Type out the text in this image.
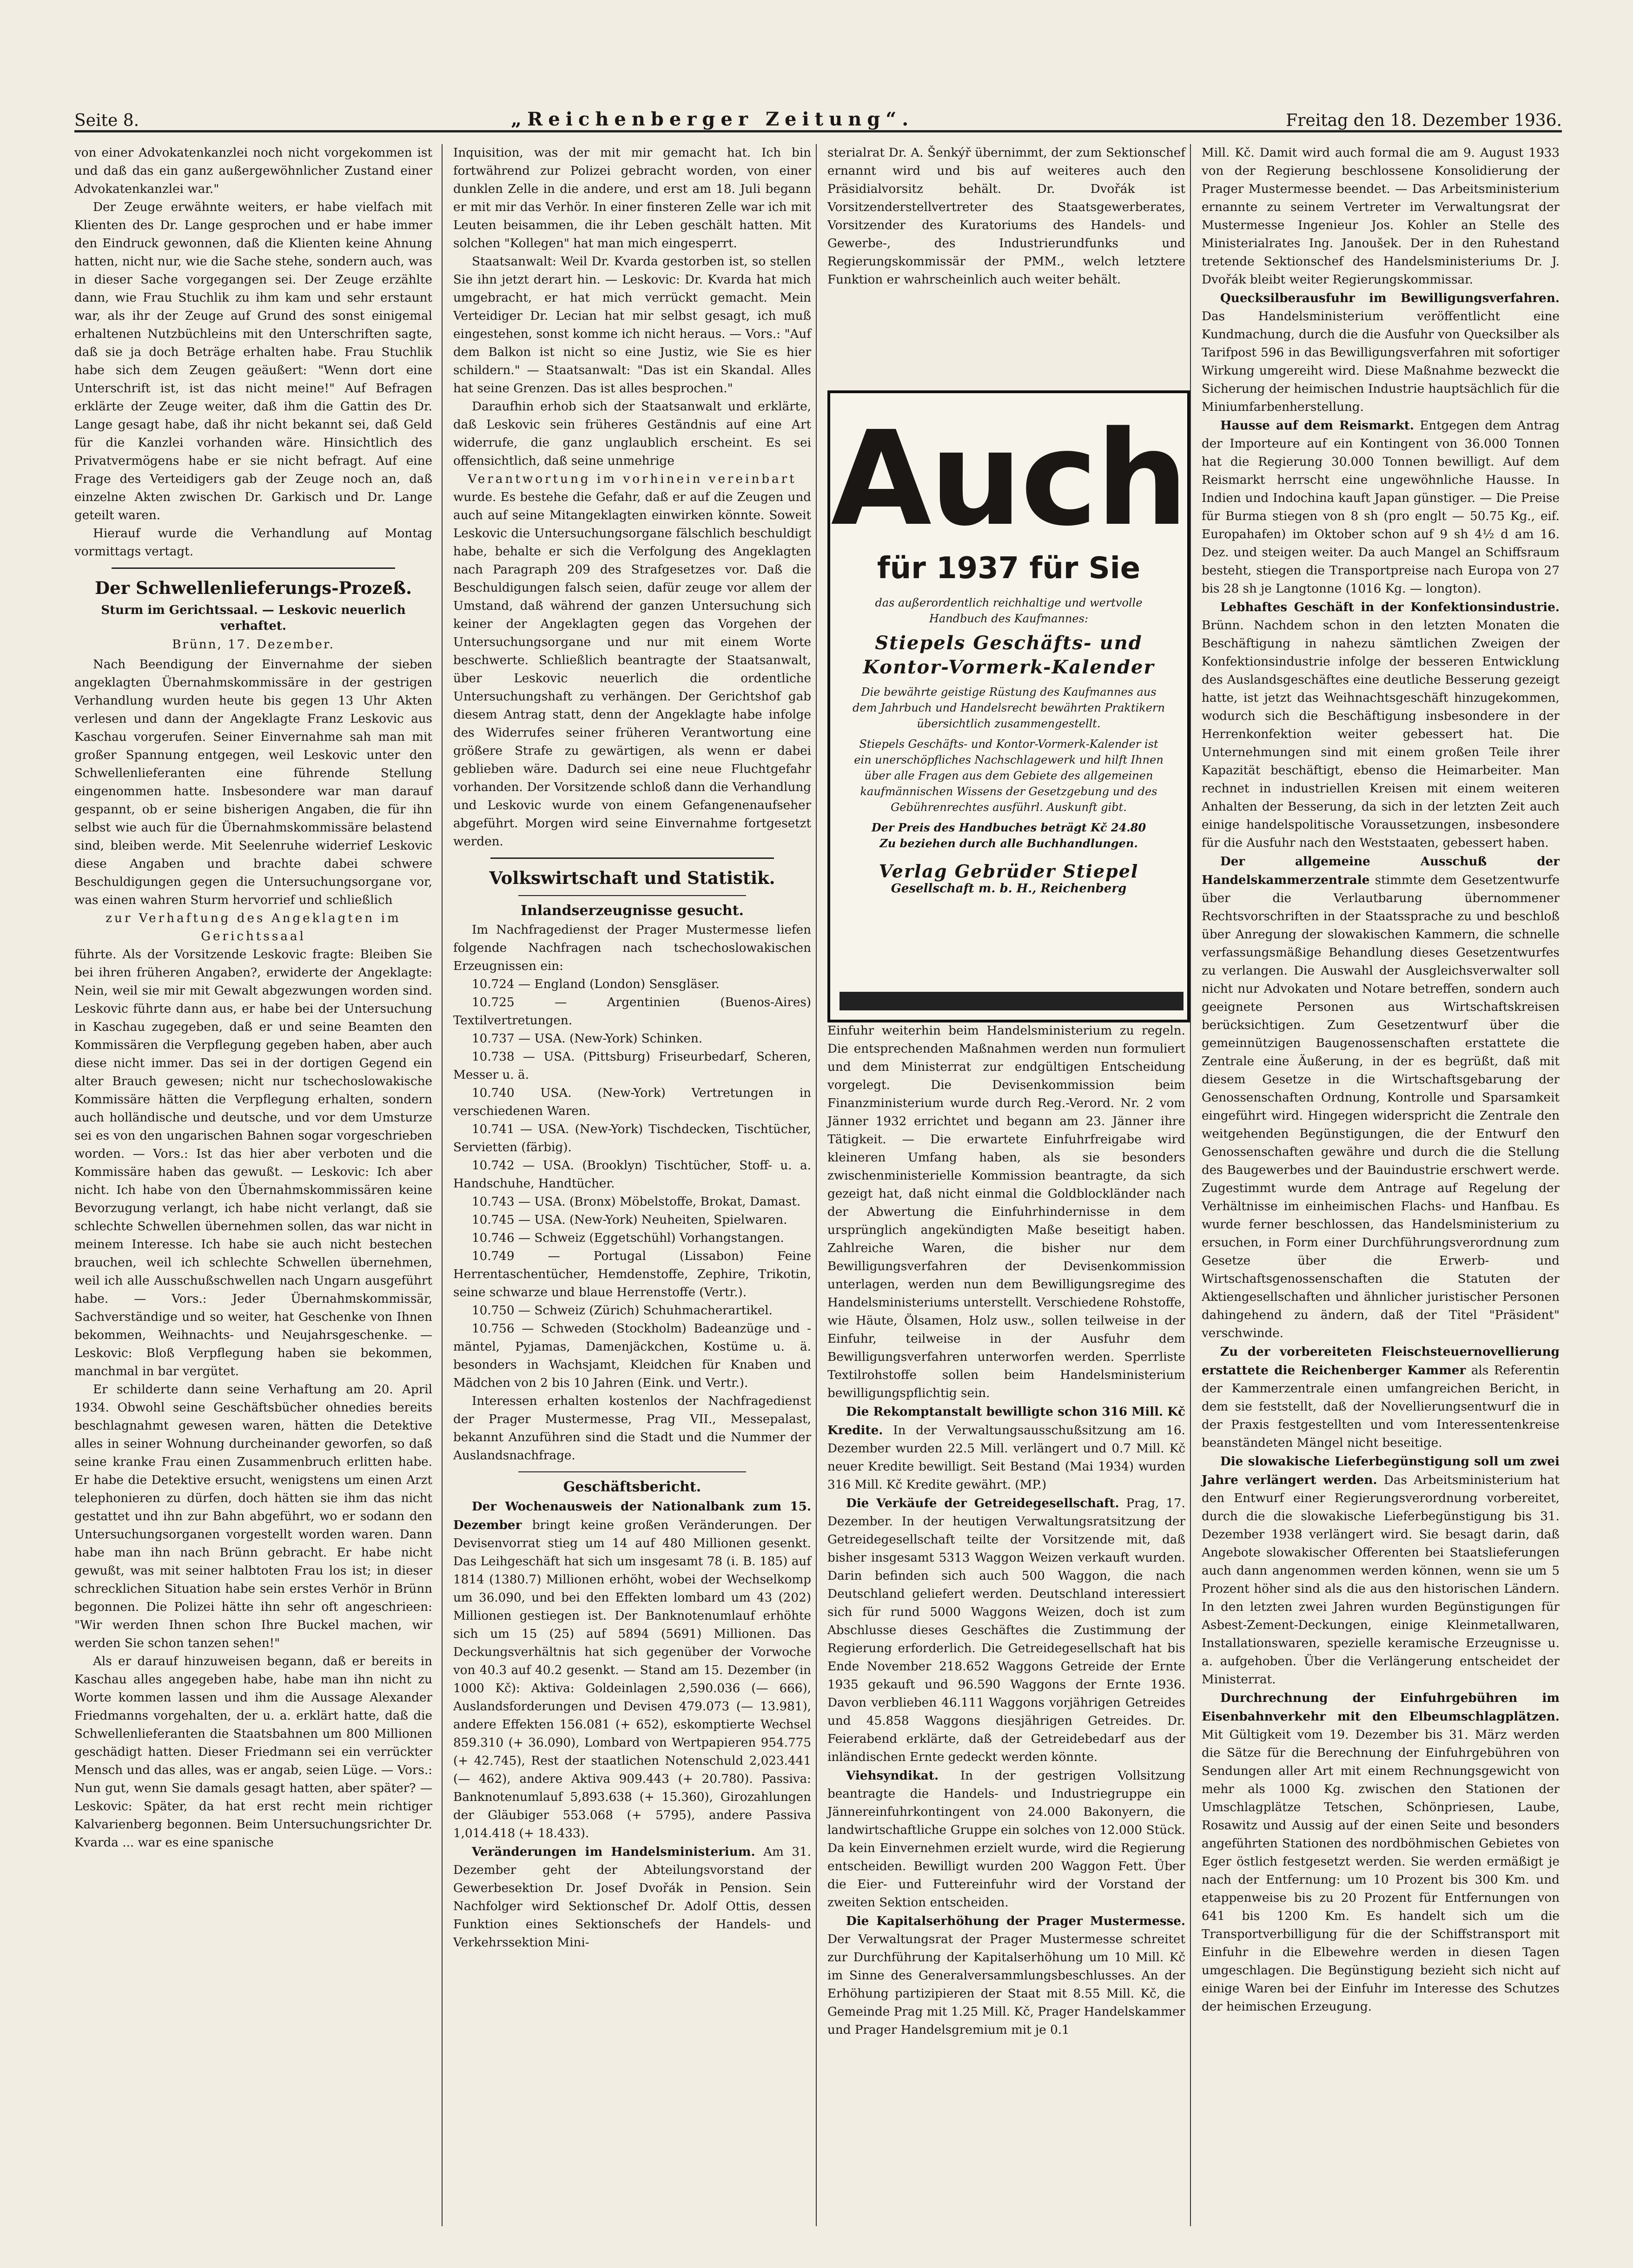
Seite 8.	„Reichenberger Zeitung“.	Freitag den 18. Dezember 1936.

von einer Advokatenkanzlei noch nicht vorgekommen ist und daß das ein ganz außergewöhnlicher Zustand einer Advokatenkanzlei war."

Der Zeuge erwähnte weiters, er habe vielfach mit Klienten des Dr. Lange gesprochen und er habe immer den Eindruck gewonnen, daß die Klienten keine Ahnung hatten, nicht nur, wie die Sache stehe, sondern auch, was in dieser Sache vorgegangen sei. Der Zeuge erzählte dann, wie Frau Stuchlik zu ihm kam und sehr erstaunt war, als ihr der Zeuge auf Grund des sonst einigemal erhaltenen Nutzbüchleins mit den Unterschriften sagte, daß sie ja doch Beträge erhalten habe. Frau Stuchlik habe sich dem Zeugen geäußert: "Wenn dort eine Unterschrift ist, ist das nicht meine!" Auf Befragen erklärte der Zeuge weiter, daß ihm die Gattin des Dr. Lange gesagt habe, daß ihr nicht bekannt sei, daß Geld für die Kanzlei vorhanden wäre. Hinsichtlich des Privatvermögens habe er sie nicht befragt. Auf eine Frage des Verteidigers gab der Zeuge noch an, daß einzelne Akten zwischen Dr. Garkisch und Dr. Lange geteilt waren.

Hierauf wurde die Verhandlung auf Montag vormittags vertagt.

Der Schwellenlieferungs-Prozeß.
Sturm im Gerichtssaal. — Leskovic neuerlich verhaftet.
Brünn, 17. Dezember.

Nach Beendigung der Einvernahme der sieben angeklagten Übernahmskommissäre in der gestrigen Verhandlung wurden heute bis gegen 13 Uhr Akten verlesen und dann der Angeklagte Franz Leskovic aus Kaschau vorgerufen. Seiner Einvernahme sah man mit großer Spannung entgegen, weil Leskovic unter den Schwellenlieferanten eine führende Stellung eingenommen hatte. Insbesondere war man darauf gespannt, ob er seine bisherigen Angaben, die für ihn selbst wie auch für die Übernahmskommissäre belastend sind, bleiben werde. Mit Seelenruhe widerrief Leskovic diese Angaben und brachte dabei schwere Beschuldigungen gegen die Untersuchungsorgane vor, was einen wahren Sturm hervorrief und schließlich

zur Verhaftung des Angeklagten im Gerichtssaal

führte. Als der Vorsitzende Leskovic fragte: Bleiben Sie bei ihren früheren Angaben?, erwiderte der Angeklagte: Nein, weil sie mir mit Gewalt abgezwungen worden sind. Leskovic führte dann aus, er habe bei der Untersuchung in Kaschau zugegeben, daß er und seine Beamten den Kommissären die Verpflegung gegeben haben, aber auch diese nicht immer. Das sei in der dortigen Gegend ein alter Brauch gewesen; nicht nur tschechoslowakische Kommissäre hätten die Verpflegung erhalten, sondern auch holländische und deutsche, und vor dem Umsturze sei es von den ungarischen Bahnen sogar vorgeschrieben worden. — Vors.: Ist das hier aber verboten und die Kommissäre haben das gewußt. — Leskovic: Ich aber nicht. Ich habe von den Übernahmskommissären keine Bevorzugung verlangt, ich habe nicht verlangt, daß sie schlechte Schwellen übernehmen sollen, das war nicht in meinem Interesse. Ich habe sie auch nicht bestechen brauchen, weil ich schlechte Schwellen übernehmen, weil ich alle Ausschußschwellen nach Ungarn ausgeführt habe. — Vors.: Jeder Übernahmskommissär, Sachverständige und so weiter, hat Geschenke von Ihnen bekommen, Weihnachts- und Neujahrsgeschenke. — Leskovic: Bloß Verpflegung haben sie bekommen, manchmal in bar vergütet.

Er schilderte dann seine Verhaftung am 20. April 1934. Obwohl seine Geschäftsbücher ohnedies bereits beschlagnahmt gewesen waren, hätten die Detektive alles in seiner Wohnung durcheinander geworfen, so daß seine kranke Frau einen Zusammenbruch erlitten habe. Er habe die Detektive ersucht, wenigstens um einen Arzt telephonieren zu dürfen, doch hätten sie ihm das nicht gestattet und ihn zur Bahn abgeführt, wo er sodann den Untersuchungsorganen vorgestellt worden waren. Dann habe man ihn nach Brünn gebracht. Er habe nicht gewußt, was mit seiner halbtoten Frau los ist; in dieser schrecklichen Situation habe sein erstes Verhör in Brünn begonnen. Die Polizei hätte ihn sehr oft angeschrieen: "Wir werden Ihnen schon Ihre Buckel machen, wir werden Sie schon tanzen sehen!"

Als er darauf hinzuweisen begann, daß er bereits in Kaschau alles angegeben habe, habe man ihn nicht zu Worte kommen lassen und ihm die Aussage Alexander Friedmanns vorgehalten, der u. a. erklärt hatte, daß die Schwellenlieferanten die Staatsbahnen um 800 Millionen geschädigt hatten. Dieser Friedmann sei ein verrückter Mensch und das alles, was er angab, seien Lüge. — Vors.: Nun gut, wenn Sie damals gesagt hatten, aber später? — Leskovic: Später, da hat erst recht mein richtiger Kalvarienberg begonnen. Beim Untersuchungsrichter Dr. Kvarda ... war es eine spanische

Inquisition, was der mit mir gemacht hat. Ich bin fortwährend zur Polizei gebracht worden, von einer dunklen Zelle in die andere, und erst am 18. Juli begann er mit mir das Verhör. In einer finsteren Zelle war ich mit Leuten beisammen, die ihr Leben geschält hatten. Mit solchen "Kollegen" hat man mich eingesperrt.

Staatsanwalt: Weil Dr. Kvarda gestorben ist, so stellen Sie ihn jetzt derart hin. — Leskovic: Dr. Kvarda hat mich umgebracht, er hat mich verrückt gemacht. Mein Verteidiger Dr. Lecian hat mir selbst gesagt, ich muß eingestehen, sonst komme ich nicht heraus. — Vors.: "Auf dem Balkon ist nicht so eine Justiz, wie Sie es hier schildern." — Staatsanwalt: "Das ist ein Skandal. Alles hat seine Grenzen. Das ist alles besprochen."

Daraufhin erhob sich der Staatsanwalt und erklärte, daß Leskovic sein früheres Geständnis auf eine Art widerrufe, die ganz unglaublich erscheint. Es sei offensichtlich, daß seine unmehrige

Verantwortung im vorhinein vereinbart

wurde. Es bestehe die Gefahr, daß er auf die Zeugen und auch auf seine Mitangeklagten einwirken könnte. Soweit Leskovic die Untersuchungsorgane fälschlich beschuldigt habe, behalte er sich die Verfolgung des Angeklagten nach Paragraph 209 des Strafgesetzes vor. Daß die Beschuldigungen falsch seien, dafür zeuge vor allem der Umstand, daß während der ganzen Untersuchung sich keiner der Angeklagten gegen das Vorgehen der Untersuchungsorgane und nur mit einem Worte beschwerte. Schließlich beantragte der Staatsanwalt, über Leskovic neuerlich die ordentliche Untersuchungshaft zu verhängen. Der Gerichtshof gab diesem Antrag statt, denn der Angeklagte habe infolge des Widerrufes seiner früheren Verantwortung eine größere Strafe zu gewärtigen, als wenn er dabei geblieben wäre. Dadurch sei eine neue Fluchtgefahr vorhanden. Der Vorsitzende schloß dann die Verhandlung und Leskovic wurde von einem Gefangenenaufseher abgeführt. Morgen wird seine Einvernahme fortgesetzt werden.

Volkswirtschaft und Statistik.
Inlandserzeugnisse gesucht.

Im Nachfragedienst der Prager Mustermesse liefen folgende Nachfragen nach tschechoslowakischen Erzeugnissen ein:

10.724 — England (London) Sensgläser.

10.725 — Argentinien (Buenos-Aires) Textilvertretungen.

10.737 — USA. (New-York) Schinken.

10.738 — USA. (Pittsburg) Friseurbedarf, Scheren, Messer u. ä.

10.740 USA. (New-York) Vertretungen in verschiedenen Waren.

10.741 — USA. (New-York) Tischdecken, Tischtücher, Servietten (färbig).

10.742 — USA. (Brooklyn) Tischtücher, Stoff- u. a. Handschuhe, Handtücher.

10.743 — USA. (Bronx) Möbelstoffe, Brokat, Damast.

10.745 — USA. (New-York) Neuheiten, Spielwaren.

10.746 — Schweiz (Eggetschühl) Vorhangstangen.

10.749 — Portugal (Lissabon) Feine Herrentaschentücher, Hemdenstoffe, Zephire, Trikotin, seine schwarze und blaue Herrenstoffe (Vertr.).

10.750 — Schweiz (Zürich) Schuhmacherartikel.

10.756 — Schweden (Stockholm) Badeanzüge und -mäntel, Pyjamas, Damenjäckchen, Kostüme u. ä. besonders in Wachsjamt, Kleidchen für Knaben und Mädchen von 2 bis 10 Jahren (Eink. und Vertr.).

Interessen erhalten kostenlos der Nachfragedienst der Prager Mustermesse, Prag VII., Messepalast, bekannt Anzuführen sind die Stadt und die Nummer der Auslandsnachfrage.

Geschäftsbericht.

Der Wochenausweis der Nationalbank zum 15. Dezember bringt keine großen Veränderungen. Der Devisenvorrat stieg um 14 auf 480 Millionen gesenkt. Das Leihgeschäft hat sich um insgesamt 78 (i. B. 185) auf 1814 (1380.7) Millionen erhöht, wobei der Wechselkomp um 36.090, und bei den Effekten lombard um 43 (202) Millionen gestiegen ist. Der Banknotenumlauf erhöhte sich um 15 (25) auf 5894 (5691) Millionen. Das Deckungsverhältnis hat sich gegenüber der Vorwoche von 40.3 auf 40.2 gesenkt. — Stand am 15. Dezember (in 1000 Kč): Aktiva: Goldeinlagen 2,590.036 (— 666), Auslandsforderungen und Devisen 479.073 (— 13.981), andere Effekten 156.081 (+ 652), eskomptierte Wechsel 859.310 (+ 36.090), Lombard von Wertpapieren 954.775 (+ 42.745), Rest der staatlichen Notenschuld 2,023.441 (— 462), andere Aktiva 909.443 (+ 20.780). Passiva: Banknotenumlauf 5,893.638 (+ 15.360), Girozahlungen der Gläubiger 553.068 (+ 5795), andere Passiva 1,014.418 (+ 18.433).

Veränderungen im Handelsministerium. Am 31. Dezember geht der Abteilungsvorstand der Gewerbesektion Dr. Josef Dvořák in Pension. Sein Nachfolger wird Sektionschef Dr. Adolf Ottis, dessen Funktion eines Sektionschefs der Handels- und Verkehrssektion Mini-

sterialrat Dr. A. Šenkýř übernimmt, der zum Sektionschef ernannt wird und bis auf weiteres auch den Präsidialvorsitz behält. Dr. Dvořák ist Vorsitzenderstellvertreter des Staatsgewerberates, Vorsitzender des Kuratoriums des Handels- und Gewerbe-, des Industrierundfunks und Regierungskommissär der PMM., welch letztere Funktion er wahrscheinlich auch weiter behält.

Einfuhr weiterhin beim Handelsministerium zu regeln. Die entsprechenden Maßnahmen werden nun formuliert und dem Ministerrat zur endgültigen Entscheidung vorgelegt. Die Devisenkommission beim Finanzministerium wurde durch Reg.-Verord. Nr. 2 vom Jänner 1932 errichtet und begann am 23. Jänner ihre Tätigkeit. — Die erwartete Einfuhrfreigabe wird kleineren Umfang haben, als sie besonders zwischenministerielle Kommission beantragte, da sich gezeigt hat, daß nicht einmal die Goldblockländer nach der Abwertung die Einfuhrhindernisse in dem ursprünglich angekündigten Maße beseitigt haben. Zahlreiche Waren, die bisher nur dem Bewilligungsverfahren der Devisenkommission unterlagen, werden nun dem Bewilligungsregime des Handelsministeriums unterstellt. Verschiedene Rohstoffe, wie Häute, Ölsamen, Holz usw., sollen teilweise in der Einfuhr, teilweise in der Ausfuhr dem Bewilligungsverfahren unterworfen werden. Sperrliste Textilrohstoffe sollen beim Handelsministerium bewilligungspflichtig sein.

Die Rekomptanstalt bewilligte schon 316 Mill. Kč Kredite. In der Verwaltungsausschußsitzung am 16. Dezember wurden 22.5 Mill. verlängert und 0.7 Mill. Kč neuer Kredite bewilligt. Seit Bestand (Mai 1934) wurden 316 Mill. Kč Kredite gewährt. (MP.)

Die Verkäufe der Getreidegesellschaft. Prag, 17. Dezember. In der heutigen Verwaltungsratsitzung der Getreidegesellschaft teilte der Vorsitzende mit, daß bisher insgesamt 5313 Waggon Weizen verkauft wurden. Darin befinden sich auch 500 Waggon, die nach Deutschland geliefert werden. Deutschland interessiert sich für rund 5000 Waggons Weizen, doch ist zum Abschlusse dieses Geschäftes die Zustimmung der Regierung erforderlich. Die Getreidegesellschaft hat bis Ende November 218.652 Waggons Getreide der Ernte 1935 gekauft und 96.590 Waggons der Ernte 1936. Davon verblieben 46.111 Waggons vorjährigen Getreides und 45.858 Waggons diesjährigen Getreides. Dr. Feierabend erklärte, daß der Getreidebedarf aus der inländischen Ernte gedeckt werden könnte.

Viehsyndikat. In der gestrigen Vollsitzung beantragte die Handels- und Industriegruppe ein Jännereinfuhrkontingent von 24.000 Bakonyern, die landwirtschaftliche Gruppe ein solches von 12.000 Stück. Da kein Einvernehmen erzielt wurde, wird die Regierung entscheiden. Bewilligt wurden 200 Waggon Fett. Über die Eier- und Futtereinfuhr wird der Vorstand der zweiten Sektion entscheiden.

Die Kapitalserhöhung der Prager Mustermesse. Der Verwaltungsrat der Prager Mustermesse schreitet zur Durchführung der Kapitalserhöhung um 10 Mill. Kč im Sinne des Generalversammlungsbeschlusses. An der Erhöhung partizipieren der Staat mit 8.55 Mill. Kč, die Gemeinde Prag mit 1.25 Mill. Kč, Prager Handelskammer und Prager Handelsgremium mit je 0.1

Auch
für 1937 für Sie
das außerordentlich reichhaltige und wertvolle Handbuch des Kaufmannes:
Stiepels Geschäfts- und Kontor-Vormerk-Kalender
Die bewährte geistige Rüstung des Kaufmannes aus dem Jahrbuch und Handelsrecht bewährten Praktikern übersichtlich zusammengestellt.
Stiepels Geschäfts- und Kontor-Vormerk-Kalender ist ein unerschöpfliches Nachschlagewerk und hilft Ihnen über alle Fragen aus dem Gebiete des allgemeinen kaufmännischen Wissens der Gesetzgebung und des Gebührenrechtes ausführl. Auskunft gibt.
Der Preis des Handbuches beträgt Kč 24.80
Zu beziehen durch alle Buchhandlungen.
Verlag Gebrüder Stiepel
Gesellschaft m. b. H., Reichenberg

Mill. Kč. Damit wird auch formal die am 9. August 1933 von der Regierung beschlossene Konsolidierung der Prager Mustermesse beendet. — Das Arbeitsministerium ernannte zu seinem Vertreter im Verwaltungsrat der Mustermesse Ingenieur Jos. Kohler an Stelle des Ministerialrates Ing. Janoušek. Der in den Ruhestand tretende Sektionschef des Handelsministeriums Dr. J. Dvořák bleibt weiter Regierungskommissar.

Quecksilberausfuhr im Bewilligungsverfahren. Das Handelsministerium veröffentlicht eine Kundmachung, durch die die Ausfuhr von Quecksilber als Tarifpost 596 in das Bewilligungsverfahren mit sofortiger Wirkung umgereiht wird. Diese Maßnahme bezweckt die Sicherung der heimischen Industrie hauptsächlich für die Miniumfarbenherstellung.

Hausse auf dem Reismarkt. Entgegen dem Antrag der Importeure auf ein Kontingent von 36.000 Tonnen hat die Regierung 30.000 Tonnen bewilligt. Auf dem Reismarkt herrscht eine ungewöhnliche Hausse. In Indien und Indochina kauft Japan günstiger. — Die Preise für Burma stiegen von 8 sh (pro englt — 50.75 Kg., eif. Europahafen) im Oktober schon auf 9 sh 4½ d am 16. Dez. und steigen weiter. Da auch Mangel an Schiffsraum besteht, stiegen die Transportpreise nach Europa von 27 bis 28 sh je Langtonne (1016 Kg. — longton).

Lebhaftes Geschäft in der Konfektionsindustrie. Brünn. Nachdem schon in den letzten Monaten die Beschäftigung in nahezu sämtlichen Zweigen der Konfektionsindustrie infolge der besseren Entwicklung des Auslandsgeschäftes eine deutliche Besserung gezeigt hatte, ist jetzt das Weihnachtsgeschäft hinzugekommen, wodurch sich die Beschäftigung insbesondere in der Herrenkonfektion weiter gebessert hat. Die Unternehmungen sind mit einem großen Teile ihrer Kapazität beschäftigt, ebenso die Heimarbeiter. Man rechnet in industriellen Kreisen mit einem weiteren Anhalten der Besserung, da sich in der letzten Zeit auch einige handelspolitische Voraussetzungen, insbesondere für die Ausfuhr nach den Weststaaten, gebessert haben.

Der allgemeine Ausschuß der Handelskammerzentrale stimmte dem Gesetzentwurfe über die Verlautbarung übernommener Rechtsvorschriften in der Staatssprache zu und beschloß über Anregung der slowakischen Kammern, die schnelle verfassungsmäßige Behandlung dieses Gesetzentwurfes zu verlangen. Die Auswahl der Ausgleichsverwalter soll nicht nur Advokaten und Notare betreffen, sondern auch geeignete Personen aus Wirtschaftskreisen berücksichtigen. Zum Gesetzentwurf über die gemeinnützigen Baugenossenschaften erstattete die Zentrale eine Äußerung, in der es begrüßt, daß mit diesem Gesetze in die Wirtschaftsgebarung der Genossenschaften Ordnung, Kontrolle und Sparsamkeit eingeführt wird. Hingegen widerspricht die Zentrale den weitgehenden Begünstigungen, die der Entwurf den Genossenschaften gewähre und durch die die Stellung des Baugewerbes und der Bauindustrie erschwert werde. Zugestimmt wurde dem Antrage auf Regelung der Verhältnisse im einheimischen Flachs- und Hanfbau. Es wurde ferner beschlossen, das Handelsministerium zu ersuchen, in Form einer Durchführungsverordnung zum Gesetze über die Erwerb- und Wirtschaftsgenossenschaften die Statuten der Aktiengesellschaften und ähnlicher juristischer Personen dahingehend zu ändern, daß der Titel "Präsident" verschwinde.

Zu der vorbereiteten Fleischsteuernovellierung erstattete die Reichenberger Kammer als Referentin der Kammerzentrale einen umfangreichen Bericht, in dem sie feststellt, daß der Novellierungsentwurf die in der Praxis festgestellten und vom Interessentenkreise beanständeten Mängel nicht beseitige.

Die slowakische Lieferbegünstigung soll um zwei Jahre verlängert werden. Das Arbeitsministerium hat den Entwurf einer Regierungsverordnung vorbereitet, durch die die slowakische Lieferbegünstigung bis 31. Dezember 1938 verlängert wird. Sie besagt darin, daß Angebote slowakischer Offerenten bei Staatslieferungen auch dann angenommen werden können, wenn sie um 5 Prozent höher sind als die aus den historischen Ländern. In den letzten zwei Jahren wurden Begünstigungen für Asbest-Zement-Deckungen, einige Kleinmetallwaren, Installationswaren, spezielle keramische Erzeugnisse u. a. aufgehoben. Über die Verlängerung entscheidet der Ministerrat.

Durchrechnung der Einfuhrgebühren im Eisenbahnverkehr mit den Elbeumschlagplätzen. Mit Gültigkeit vom 19. Dezember bis 31. März werden die Sätze für die Berechnung der Einfuhrgebühren von Sendungen aller Art mit einem Rechnungsgewicht von mehr als 1000 Kg. zwischen den Stationen der Umschlagplätze Tetschen, Schönpriesen, Laube, Rosawitz und Aussig auf der einen Seite und besonders angeführten Stationen des nordböhmischen Gebietes von Eger östlich festgesetzt werden. Sie werden ermäßigt je nach der Entfernung: um 10 Prozent bis 300 Km. und etappenweise bis zu 20 Prozent für Entfernungen von 641 bis 1200 Km. Es handelt sich um die Transportverbilligung für die der Schiffstransport mit Einfuhr in die Elbewehre werden in diesen Tagen umgeschlagen. Die Begünstigung bezieht sich nicht auf einige Waren bei der Einfuhr im Interesse des Schutzes der heimischen Erzeugung.
